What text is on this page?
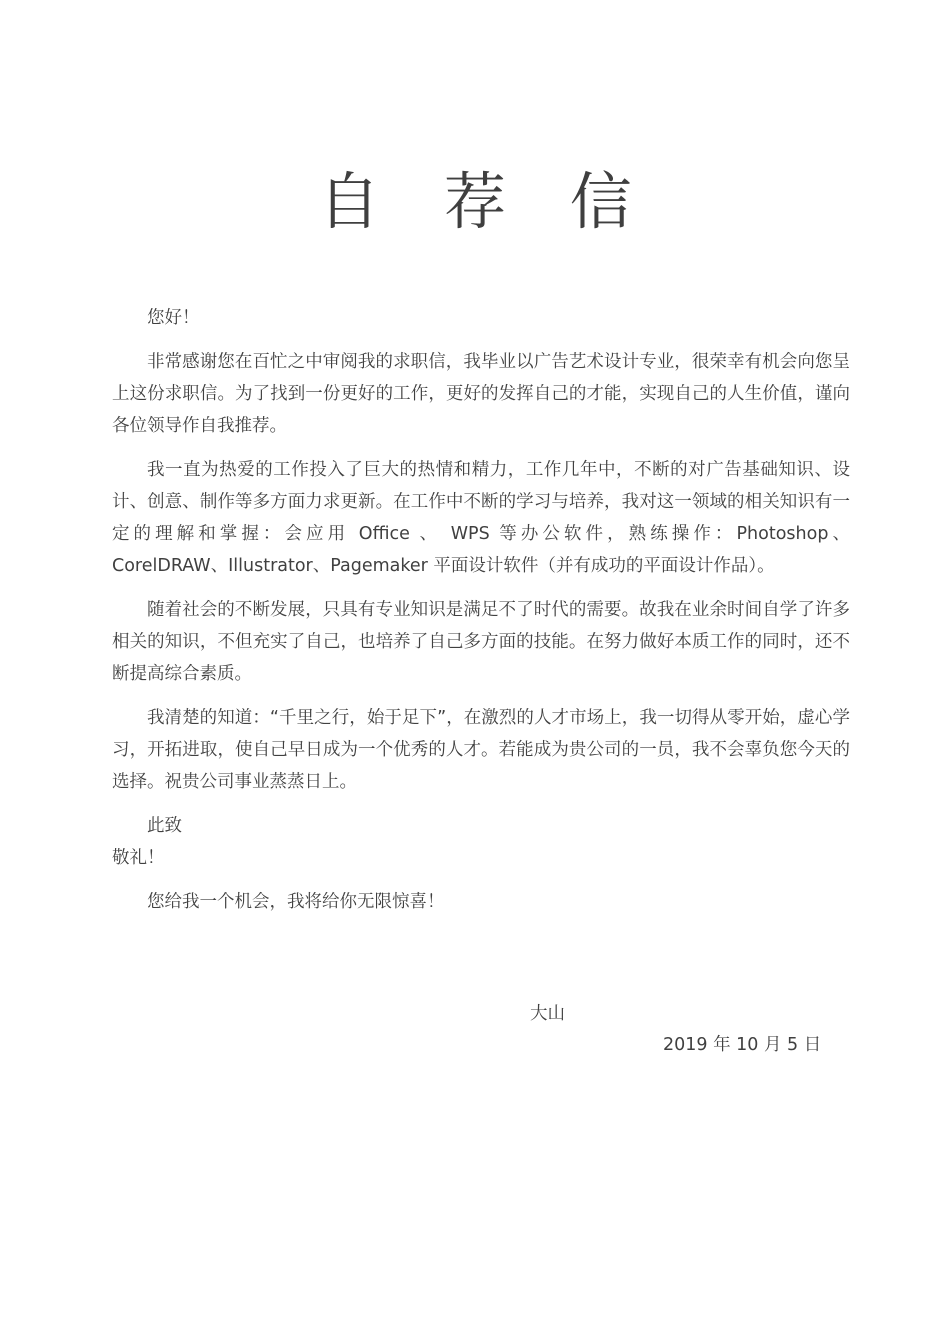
自 荐 信

您好！

非常感谢您在百忙之中审阅我的求职信，我毕业以广告艺术设计专业，很荣幸有机会向您呈上这份求职信。为了找到一份更好的工作，更好的发挥自己的才能，实现自己的人生价值，谨向各位领导作自我推荐。

我一直为热爱的工作投入了巨大的热情和精力，工作几年中，不断的对广告基础知识、设计、创意、制作等多方面力求更新。在工作中不断的学习与培养，我对这一领域的相关知识有一定的理解和掌握：会应用 Office 、 WPS 等办公软件，熟练操作：Photoshop、CorelDRAW、Illustrator、Pagemaker 平面设计软件（并有成功的平面设计作品）。

随着社会的不断发展，只具有专业知识是满足不了时代的需要。故我在业余时间自学了许多相关的知识，不但充实了自己，也培养了自己多方面的技能。在努力做好本质工作的同时，还不断提高综合素质。

我清楚的知道：“千里之行，始于足下”，在激烈的人才市场上，我一切得从零开始，虚心学习，开拓进取，使自己早日成为一个优秀的人才。若能成为贵公司的一员，我不会辜负您今天的选择。祝贵公司事业蒸蒸日上。

此致

敬礼！

您给我一个机会，我将给你无限惊喜！

大山
2019 年 10 月 5 日
